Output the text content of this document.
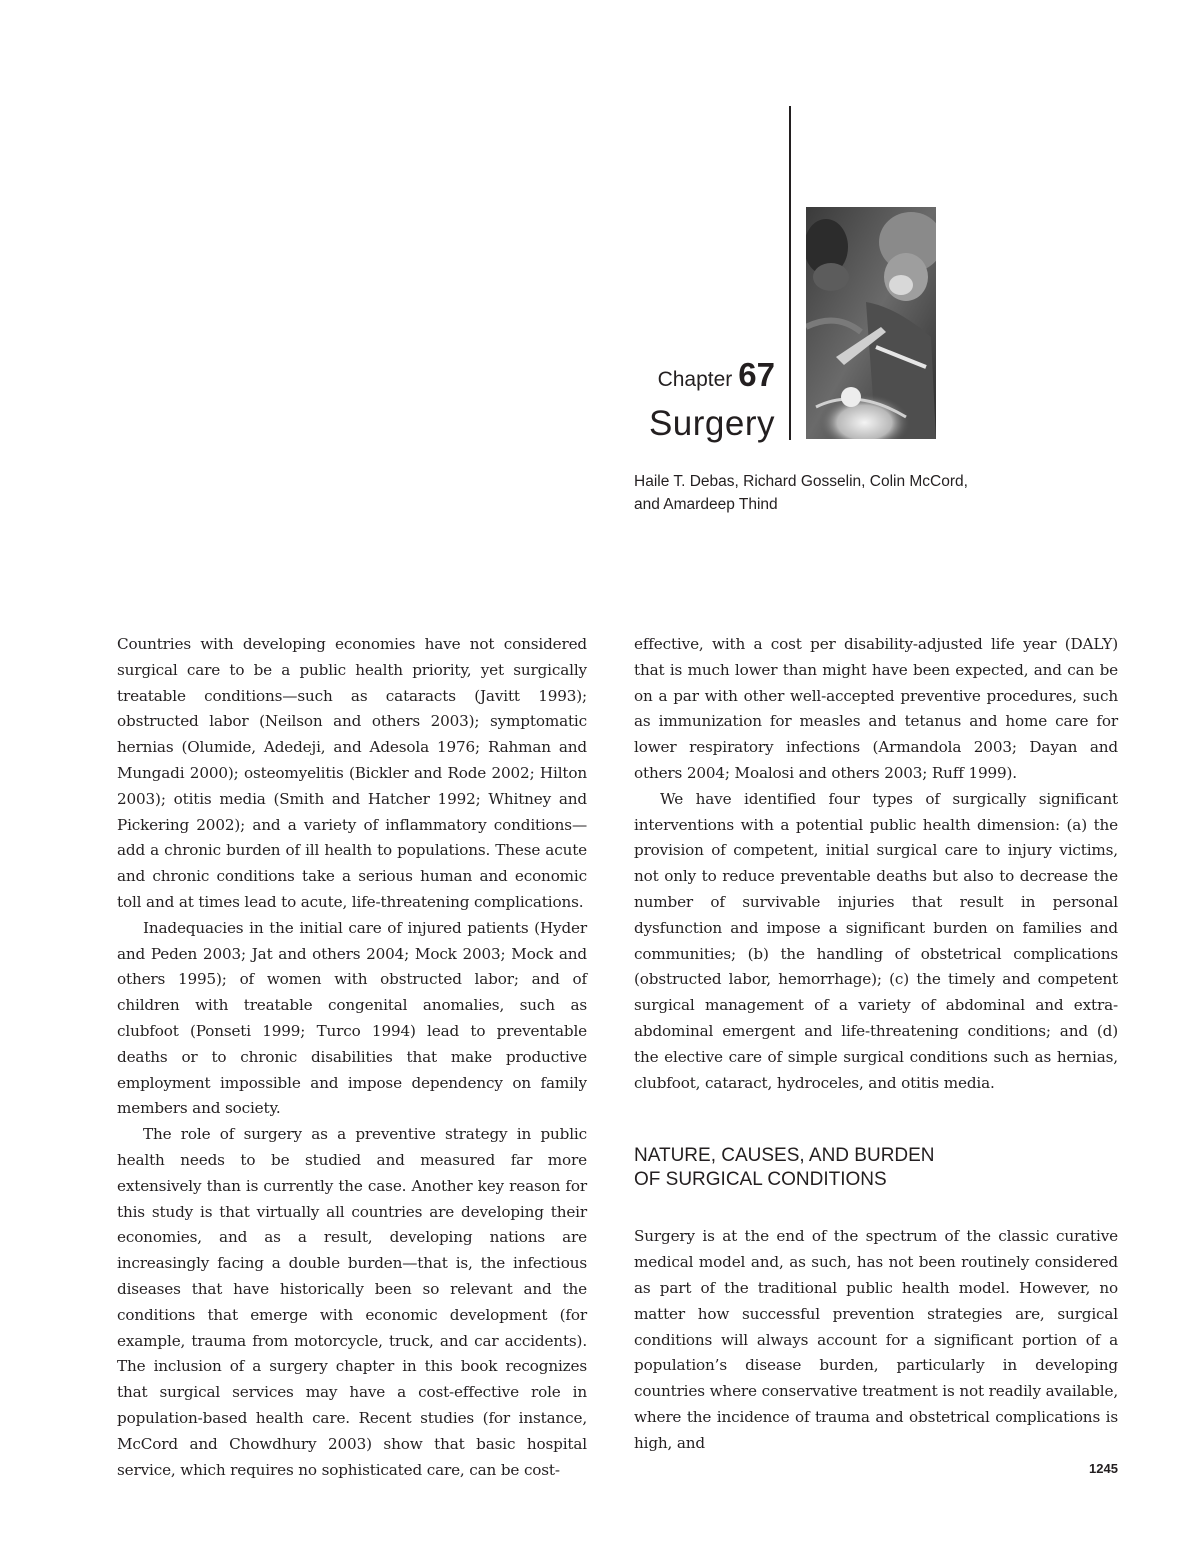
Chapter 67
Surgery
Haile T. Debas, Richard Gosselin, Colin McCord,
and Amardeep Thind

Countries with developing economies have not considered surgical care to be a public health priority, yet surgically treatable conditions—such as cataracts (Javitt 1993); obstructed labor (Neilson and others 2003); symptomatic hernias (Olumide, Adedeji, and Adesola 1976; Rahman and Mungadi 2000); osteomyelitis (Bickler and Rode 2002; Hilton 2003); otitis media (Smith and Hatcher 1992; Whitney and Pickering 2002); and a variety of inflammatory conditions—add a chronic burden of ill health to populations. These acute and chronic conditions take a serious human and economic toll and at times lead to acute, life-threatening complications.

Inadequacies in the initial care of injured patients (Hyder and Peden 2003; Jat and others 2004; Mock 2003; Mock and others 1995); of women with obstructed labor; and of children with treatable congenital anomalies, such as clubfoot (Ponseti 1999; Turco 1994) lead to preventable deaths or to chronic disabilities that make productive employment impossible and impose dependency on family members and society.

The role of surgery as a preventive strategy in public health needs to be studied and measured far more extensively than is currently the case. Another key reason for this study is that virtually all countries are developing their economies, and as a result, developing nations are increasingly facing a double burden—that is, the infectious diseases that have historically been so relevant and the conditions that emerge with economic development (for example, trauma from motorcycle, truck, and car accidents). The inclusion of a surgery chapter in this book recognizes that surgical services may have a cost-effective role in population-based health care. Recent studies (for instance, McCord and Chowdhury 2003) show that basic hospital service, which requires no sophisticated care, can be cost-

effective, with a cost per disability-adjusted life year (DALY) that is much lower than might have been expected, and can be on a par with other well-accepted preventive procedures, such as immunization for measles and tetanus and home care for lower respiratory infections (Armandola 2003; Dayan and others 2004; Moalosi and others 2003; Ruff 1999).

We have identified four types of surgically significant interventions with a potential public health dimension: (a) the provision of competent, initial surgical care to injury victims, not only to reduce preventable deaths but also to decrease the number of survivable injuries that result in personal dysfunction and impose a significant burden on families and communities; (b) the handling of obstetrical complications (obstructed labor, hemorrhage); (c) the timely and competent surgical management of a variety of abdominal and extra-abdominal emergent and life-threatening conditions; and (d) the elective care of simple surgical conditions such as hernias, clubfoot, cataract, hydroceles, and otitis media.

NATURE, CAUSES, AND BURDEN
OF SURGICAL CONDITIONS

Surgery is at the end of the spectrum of the classic curative medical model and, as such, has not been routinely considered as part of the traditional public health model. However, no matter how successful prevention strategies are, surgical conditions will always account for a significant portion of a population’s disease burden, particularly in developing countries where conservative treatment is not readily available, where the incidence of trauma and obstetrical complications is high, and

1245
